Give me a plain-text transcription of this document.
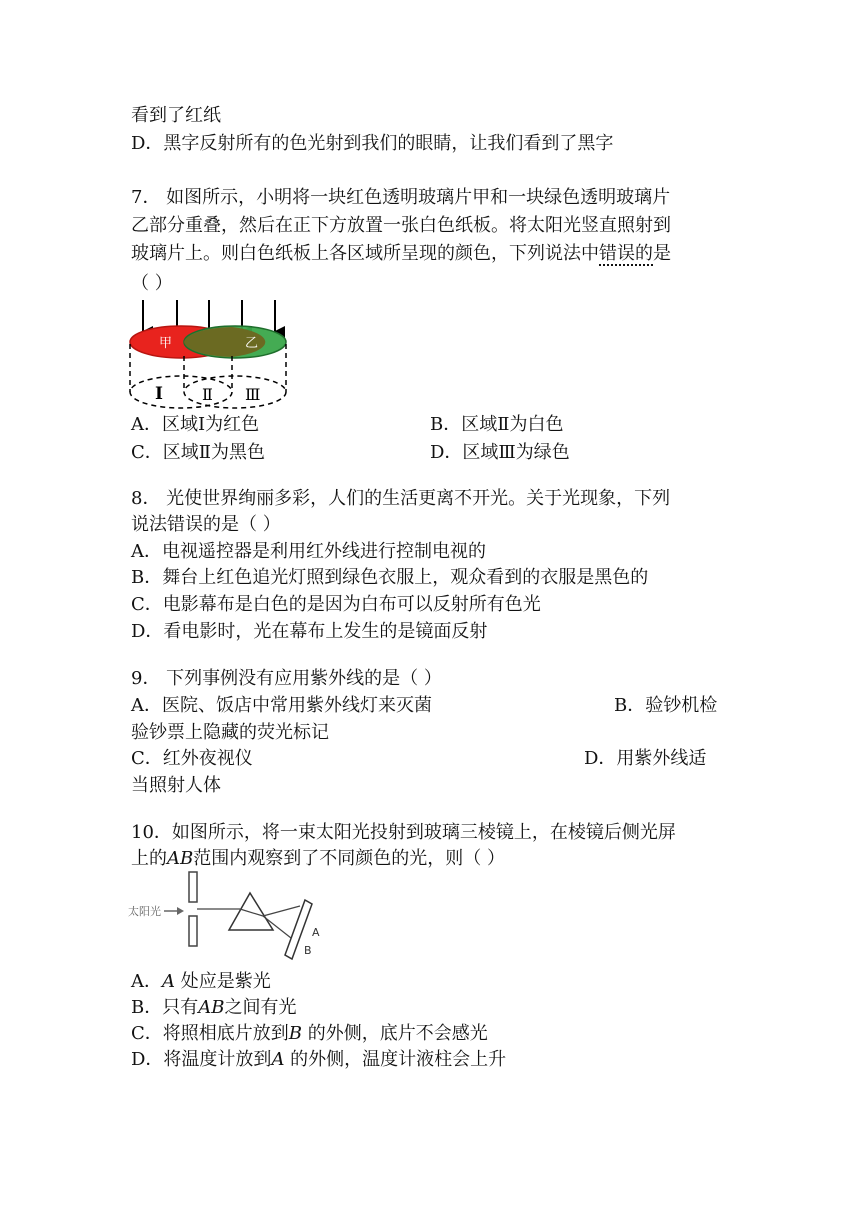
看到了红纸
D．黑字反射所有的色光射到我们的眼睛，让我们看到了黑字
7． 如图所示，小明将一块红色透明玻璃片甲和一块绿色透明玻璃片
乙部分重叠，然后在正下方放置一张白色纸板。将太阳光竖直照射到
玻璃片上。则白色纸板上各区域所呈现的颜色，下列说法中错误的是
（ ）
甲	乙
Ⅰ Ⅱ Ⅲ
A．区域Ⅰ为红色	B．区域Ⅱ为白色
C．区域Ⅱ为黑色	D．区域Ⅲ为绿色
8． 光使世界绚丽多彩，人们的生活更离不开光。关于光现象，下列
说法错误的是（ ）
A．电视遥控器是利用红外线进行控制电视的
B．舞台上红色追光灯照到绿色衣服上，观众看到的衣服是黑色的
C．电影幕布是白色的是因为白布可以反射所有色光
D．看电影时，光在幕布上发生的是镜面反射
9． 下列事例没有应用紫外线的是（ ）
A．医院、饭店中常用紫外线灯来灭菌	B．验钞机检
验钞票上隐藏的荧光标记
C．红外夜视仪	D．用紫外线适
当照射人体
10．如图所示，将一束太阳光投射到玻璃三棱镜上，在棱镜后侧光屏
上的AB范围内观察到了不同颜色的光，则（ ）
太阳光
A
B
A．A 处应是紫光
B．只有AB之间有光
C．将照相底片放到B 的外侧，底片不会感光
D．将温度计放到A 的外侧，温度计液柱会上升
